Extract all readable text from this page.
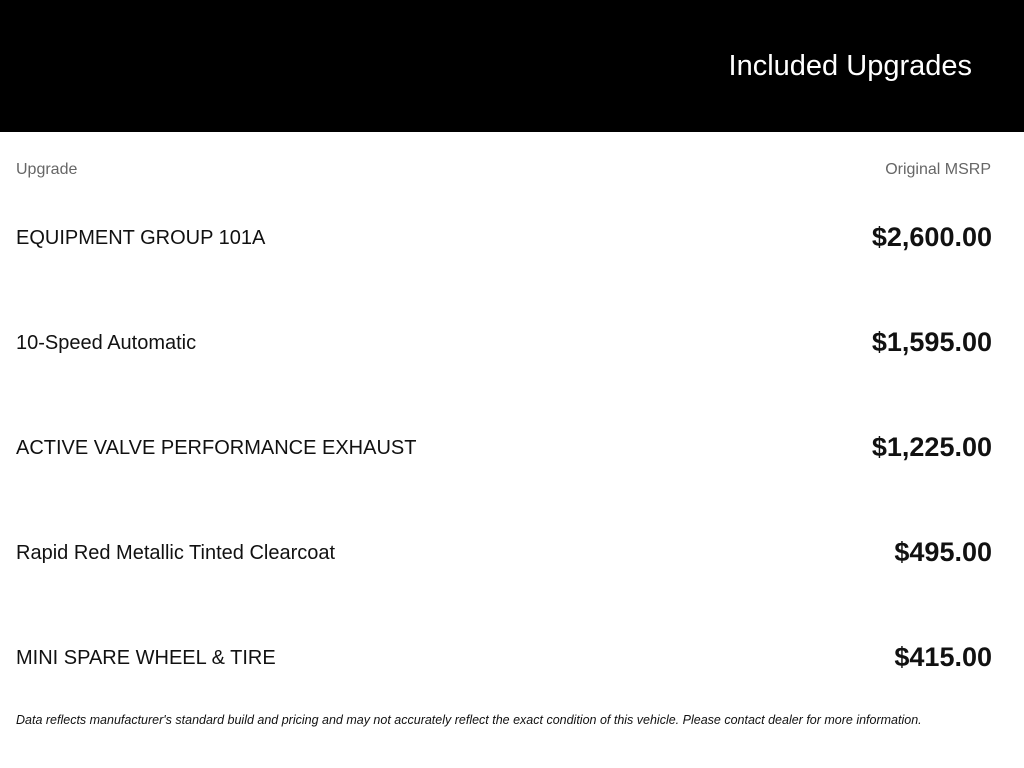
Included Upgrades
Upgrade	Original MSRP
EQUIPMENT GROUP 101A	$2,600.00
10-Speed Automatic	$1,595.00
ACTIVE VALVE PERFORMANCE EXHAUST	$1,225.00
Rapid Red Metallic Tinted Clearcoat	$495.00
MINI SPARE WHEEL & TIRE	$415.00
Data reflects manufacturer's standard build and pricing and may not accurately reflect the exact condition of this vehicle. Please contact dealer for more information.
